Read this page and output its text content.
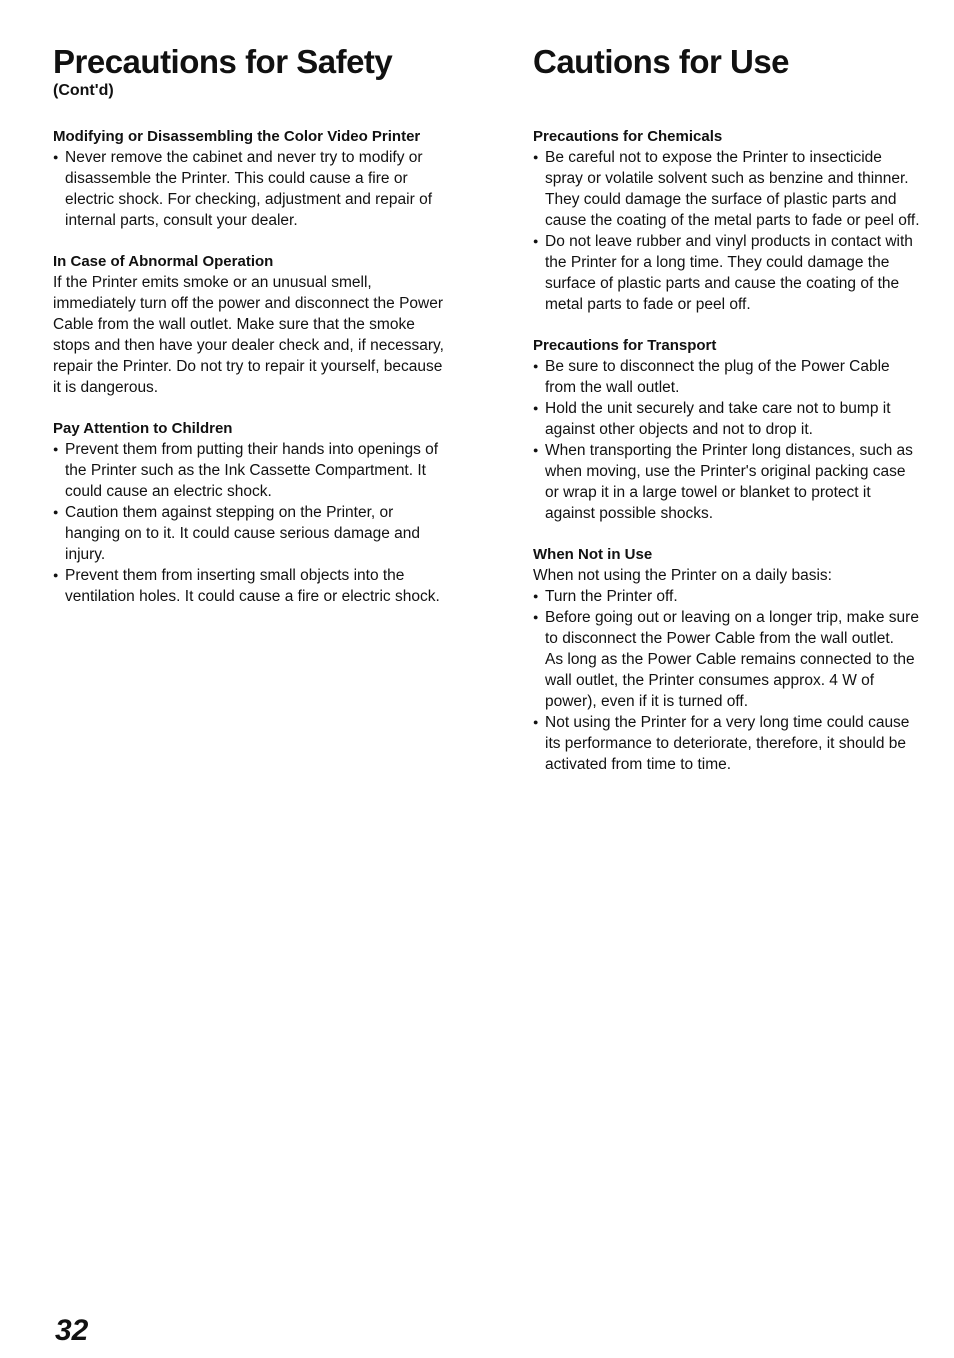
Precautions for Safety
(Cont'd)
Modifying or Disassembling the Color Video Printer
● Never remove the cabinet and never try to modify or disassemble the Printer. This could cause a fire or electric shock. For checking, adjustment and repair of internal parts, consult your dealer.
In Case of Abnormal Operation

If the Printer emits smoke or an unusual smell, immediately turn off the power and disconnect the Power Cable from the wall outlet. Make sure that the smoke stops and then have your dealer check and, if necessary, repair the Printer. Do not try to repair it yourself, because it is dangerous.

Pay Attention to Children
● Prevent them from putting their hands into openings of the Printer such as the Ink Cassette Compartment. It could cause an electric shock.
● Caution them against stepping on the Printer, or hanging on to it. It could cause serious damage and injury.
● Prevent them from inserting small objects into the ventilation holes. It could cause a fire or electric shock.
Cautions for Use
Precautions for Chemicals
● Be careful not to expose the Printer to insecticide spray or volatile solvent such as benzine and thinner. They could damage the surface of plastic parts and cause the coating of the metal parts to fade or peel off.
● Do not leave rubber and vinyl products in contact with the Printer for a long time. They could damage the surface of plastic parts and cause the coating of the metal parts to fade or peel off.
Precautions for Transport
● Be sure to disconnect the plug of the Power Cable from the wall outlet.
● Hold the unit securely and take care not to bump it against other objects and not to drop it.
● When transporting the Printer long distances, such as when moving, use the Printer's original packing case or wrap it in a large towel or blanket to protect it against possible shocks.
When Not in Use

When not using the Printer on a daily basis:

● Turn the Printer off.
● Before going out or leaving on a longer trip, make sure to disconnect the Power Cable from the wall outlet.

As long as the Power Cable remains connected to the wall outlet, the Printer consumes approx. 4 W of power), even if it is turned off.

● Not using the Printer for a very long time could cause its performance to deteriorate, therefore, it should be activated from time to time.
32
